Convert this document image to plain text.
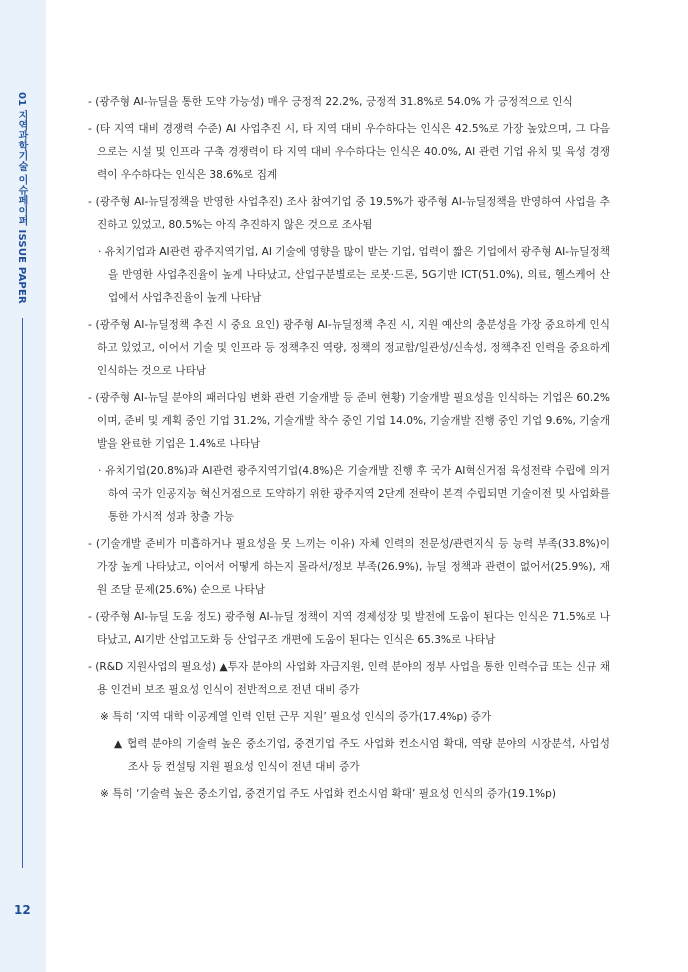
01 지역과학기술 이슈페이퍼 ISSUE PAPER
12

- (광주형 AI-뉴딜을 통한 도약 가능성) 매우 긍정적 22.2%, 긍정적 31.8%로 54.0% 가 긍정적으로 인식

- (타 지역 대비 경쟁력 수준) AI 사업추진 시, 타 지역 대비 우수하다는 인식은 42.5%로 가장 높았으며, 그 다음으로는 시설 및 인프라 구축 경쟁력이 타 지역 대비 우수하다는 인식은 40.0%, AI 관련 기업 유치 및 육성 경쟁력이 우수하다는 인식은 38.6%로 집계

- (광주형 AI-뉴딜정책을 반영한 사업추진) 조사 참여기업 중 19.5%가 광주형 AI-뉴딜정책을 반영하여 사업을 추진하고 있었고, 80.5%는 아직 추진하지 않은 것으로 조사됨

· 유치기업과 AI관련 광주지역기업, AI 기술에 영향을 많이 받는 기업, 업력이 짧은 기업에서 광주형 AI-뉴딜정책을 반영한 사업추진율이 높게 나타났고, 산업구분별로는 로봇·드론, 5G기반 ICT(51.0%), 의료, 헬스케어 산업에서 사업추진율이 높게 나타남

- (광주형 AI-뉴딜정책 추진 시 중요 요인) 광주형 AI-뉴딜정책 추진 시, 지원 예산의 충분성을 가장 중요하게 인식하고 있었고, 이어서 기술 및 인프라 등 정책추진 역량, 정책의 정교함/일관성/신속성, 정책추진 인력을 중요하게 인식하는 것으로 나타남

- (광주형 AI-뉴딜 분야의 패러다임 변화 관련 기술개발 등 준비 현황) 기술개발 필요성을 인식하는 기업은 60.2%이며, 준비 및 계획 중인 기업 31.2%, 기술개발 착수 중인 기업 14.0%, 기술개발 진행 중인 기업 9.6%, 기술개발을 완료한 기업은 1.4%로 나타남

· 유치기업(20.8%)과 AI관련 광주지역기업(4.8%)은 기술개발 진행 후 국가 AI혁신거점 육성전략 수립에 의거하여 국가 인공지능 혁신거점으로 도약하기 위한 광주지역 2단계 전략이 본격 수립되면 기술이전 및 사업화를 통한 가시적 성과 창출 가능

- (기술개발 준비가 미흡하거나 필요성을 못 느끼는 이유) 자체 인력의 전문성/관련지식 등 능력 부족(33.8%)이 가장 높게 나타났고, 이어서 어떻게 하는지 몰라서/정보 부족(26.9%), 뉴딜 정책과 관련이 없어서(25.9%), 재원 조달 문제(25.6%) 순으로 나타남

- (광주형 AI-뉴딜 도움 정도) 광주형 AI-뉴딜 정책이 지역 경제성장 및 발전에 도움이 된다는 인식은 71.5%로 나타났고, AI기반 산업고도화 등 산업구조 개편에 도움이 된다는 인식은 65.3%로 나타남

- (R&D 지원사업의 필요성) ▲투자 분야의 사업화 자금지원, 인력 분야의 정부 사업을 통한 인력수급 또는 신규 채용 인건비 보조 필요성 인식이 전반적으로 전년 대비 증가

※ 특히 ‘지역 대학 이공계열 인력 인턴 근무 지원’ 필요성 인식의 증가(17.4%p) 증가

▲ 협력 분야의 기술력 높은 중소기업, 중견기업 주도 사업화 컨소시엄 확대, 역량 분야의 시장분석, 사업성 조사 등 컨설팅 지원 필요성 인식이 전년 대비 증가

※ 특히 ‘기술력 높은 중소기업, 중견기업 주도 사업화 컨소시엄 확대’ 필요성 인식의 증가(19.1%p)
